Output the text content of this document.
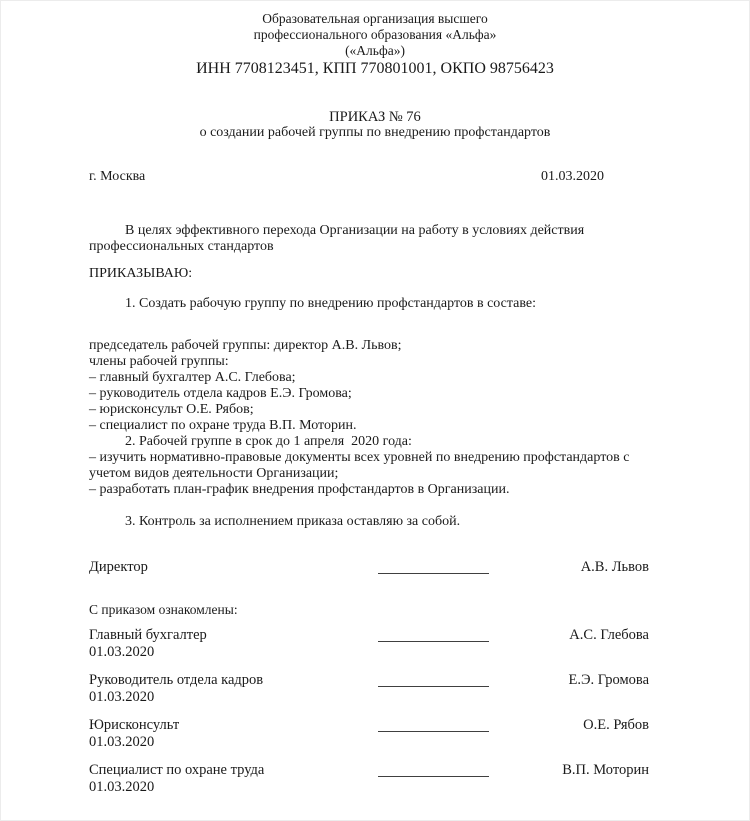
Образовательная организация высшего
профессионального образования «Альфа»
(«Альфа»)
ИНН 7708123451, КПП 770801001, ОКПО 98756423
ПРИКАЗ № 76
о создании рабочей группы по внедрению профстандартов
г. Москва	01.03.2020
В целях эффективного перехода Организации на работу в условиях действия профессиональных стандартов
ПРИКАЗЫВАЮ:
1. Создать рабочую группу по внедрению профстандартов в составе:
председатель рабочей группы: директор А.В. Львов;
члены рабочей группы:
– главный бухгалтер А.С. Глебова;
– руководитель отдела кадров Е.Э. Громова;
– юрисконсульт О.Е. Рябов;
– специалист по охране труда В.П. Моторин.
2. Рабочей группе в срок до 1 апреля  2020 года:
– изучить нормативно-правовые документы всех уровней по внедрению профстандартов с учетом видов деятельности Организации;
– разработать план-график внедрения профстандартов в Организации.
3. Контроль за исполнением приказа оставляю за собой.
Директор	А.В. Львов
С приказом ознакомлены:
Главный бухгалтер
01.03.2020
А.С. Глебова
Руководитель отдела кадров
01.03.2020
Е.Э. Громова
Юрисконсульт
01.03.2020
О.Е. Рябов
Специалист по охране труда
01.03.2020
В.П. Моторин
